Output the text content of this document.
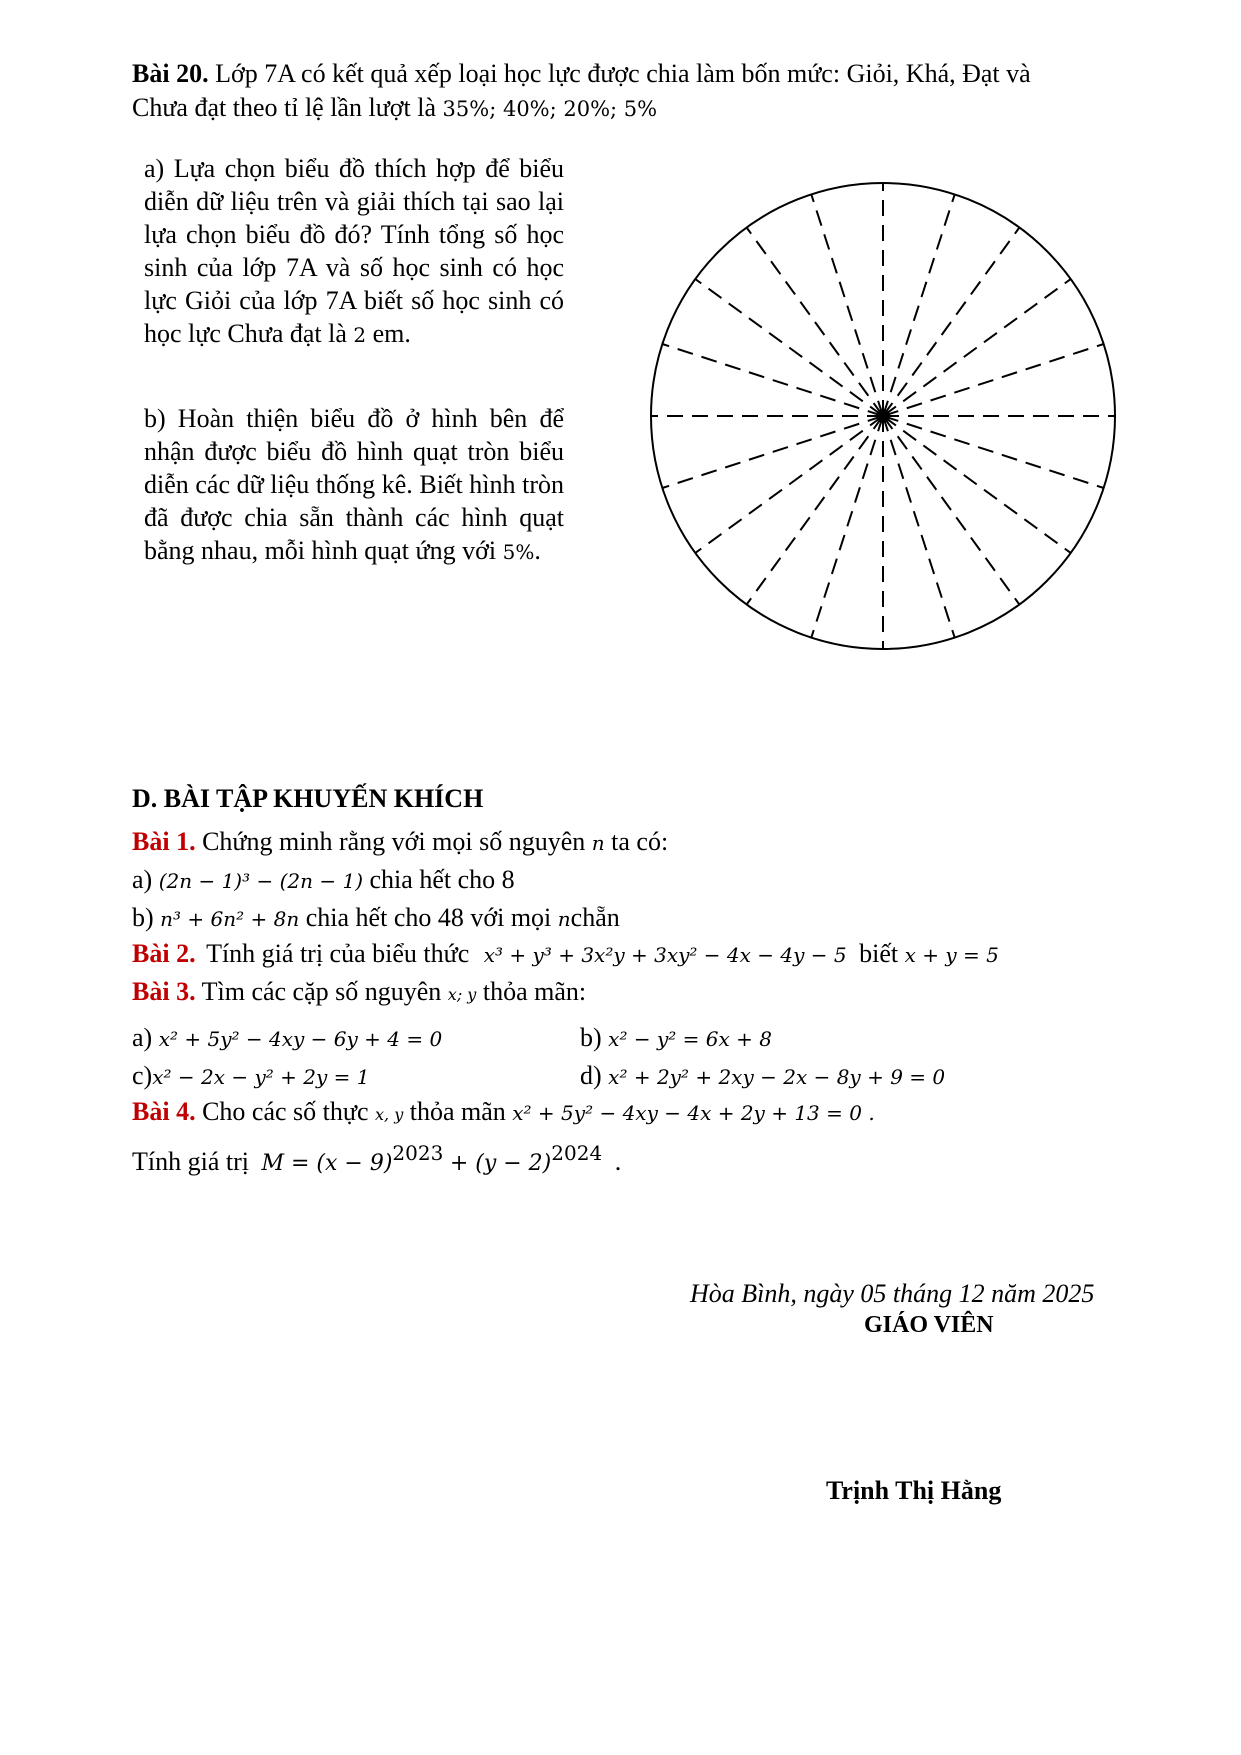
Bài 20. Lớp 7A có kết quả xếp loại học lực được chia làm bốn mức: Giỏi, Khá, Đạt và
Chưa đạt theo tỉ lệ lần lượt là 35%; 40%; 20%; 5%

a) Lựa chọn biểu đồ thích hợp để biểu diễn dữ liệu trên và giải thích tại sao lại lựa chọn biểu đồ đó? Tính tổng số học sinh của lớp 7A và số học sinh có học lực Giỏi của lớp 7A biết số học sinh có học lực Chưa đạt là 2 em.

b) Hoàn thiện biểu đồ ở hình bên để nhận được biểu đồ hình quạt tròn biểu diễn các dữ liệu thống kê. Biết hình tròn đã được chia sẵn thành các hình quạt bằng nhau, mỗi hình quạt ứng với 5%.

D. BÀI TẬP KHUYẾN KHÍCH
Bài 1. Chứng minh rằng với mọi số nguyên n ta có:
a) (2n − 1)³ − (2n − 1) chia hết cho 8
b) n³ + 6n² + 8n chia hết cho 48 với mọi nchẵn
Bài 2. Tính giá trị của biểu thức x³ + y³ + 3x²y + 3xy² − 4x − 4y − 5 biết x + y = 5
Bài 3. Tìm các cặp số nguyên x; y thỏa mãn:
a) x² + 5y² − 4xy − 6y + 4 = 0	b) x² − y² = 6x + 8
c)x² − 2x − y² + 2y = 1	d) x² + 2y² + 2xy − 2x − 8y + 9 = 0
Bài 4. Cho các số thực x, y thỏa mãn x² + 5y² − 4xy − 4x + 2y + 13 = 0 .
Tính giá trị $M = (x - 9)^{2023} + (y - 2)^{2024}$ .
Hòa Bình, ngày 05 tháng 12 năm 2025
GIÁO VIÊN
Trịnh Thị Hằng
